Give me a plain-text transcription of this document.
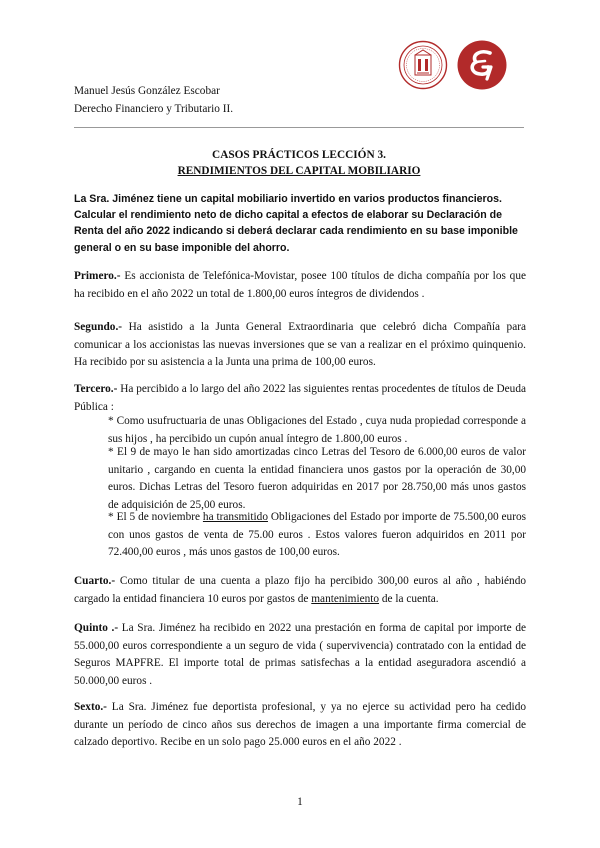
Manuel Jesús González Escobar
Derecho Financiero y Tributario II.
CASOS PRÁCTICOS LECCIÓN 3.
RENDIMIENTOS DEL CAPITAL MOBILIARIO
La Sra. Jiménez tiene un capital mobiliario invertido en varios productos financieros. Calcular el rendimiento neto de dicho capital a efectos de elaborar su Declaración de Renta del año 2022 indicando si deberá declarar cada rendimiento en su base imponible general o en su base imponible del ahorro.
Primero.- Es accionista de Telefónica-Movistar, posee 100 títulos de dicha compañía por los que ha recibido en el año 2022 un total de 1.800,00 euros íntegros de dividendos .
Segundo.- Ha asistido a la Junta General Extraordinaria que celebró dicha Compañía para comunicar a los accionistas las nuevas inversiones que se van a realizar en el próximo quinquenio. Ha recibido por su asistencia a la Junta una prima de 100,00 euros.
Tercero.- Ha percibido a lo largo del año 2022 las siguientes rentas procedentes de títulos de Deuda Pública :
* Como usufructuaria de unas Obligaciones del Estado , cuya nuda propiedad corresponde a sus hijos , ha percibido un cupón anual íntegro de 1.800,00 euros .
* El 9 de mayo le han sido amortizadas cinco Letras del Tesoro de 6.000,00 euros de valor unitario , cargando en cuenta la entidad financiera unos gastos por la operación de 30,00 euros. Dichas Letras del Tesoro fueron adquiridas en 2017 por 28.750,00 más unos gastos de adquisición de 25,00 euros.
* El 5 de noviembre ha transmitido Obligaciones del Estado por importe de 75.500,00 euros con unos gastos de venta de 75.00 euros . Estos valores fueron adquiridos en 2011 por 72.400,00 euros , más unos gastos de 100,00 euros.
Cuarto.- Como titular de una cuenta a plazo fijo ha percibido 300,00 euros al año , habiéndo cargado la entidad financiera 10 euros por gastos de mantenimiento de la cuenta.
Quinto .- La Sra. Jiménez ha recibido en 2022 una prestación en forma de capital por importe de 55.000,00 euros correspondiente a un seguro de vida ( supervivencia) contratado con la entidad de Seguros MAPFRE. El importe total de primas satisfechas a la entidad aseguradora ascendió a 50.000,00 euros .
Sexto.- La Sra. Jiménez fue deportista profesional, y ya no ejerce su actividad pero ha cedido durante un período de cinco años sus derechos de imagen a una importante firma comercial de calzado deportivo. Recibe en un solo pago 25.000 euros en el año 2022 .
1
